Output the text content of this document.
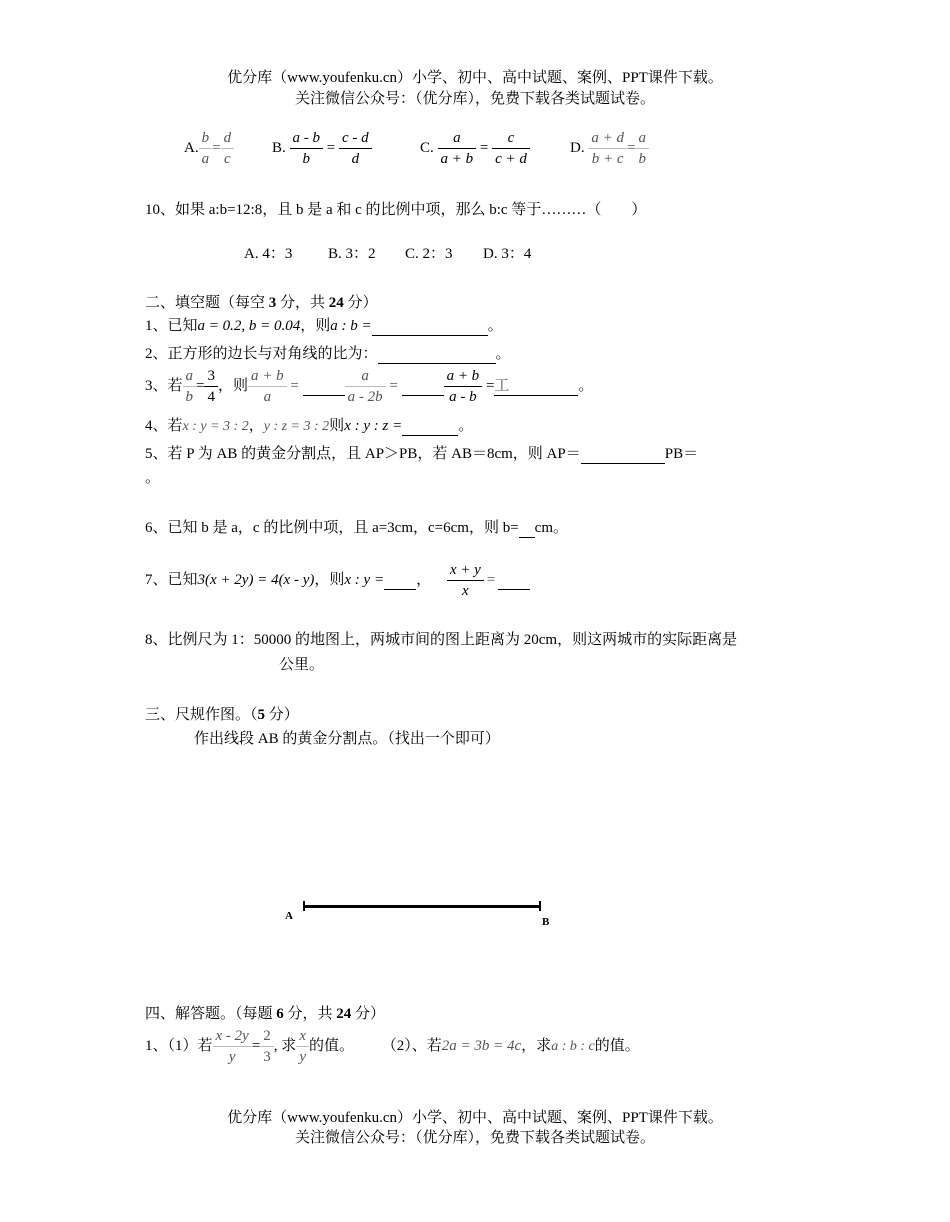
优分库（www.youfenku.cn）小学、初中、高中试题、案例、PPT课件下载。
关注微信公众号：（优分库），免费下载各类试题试卷。
A. $\frac{b}{a} = \frac{d}{c}$	B. $\frac{a - b}{b} = \frac{c - d}{d}$	C. $\frac{a}{a + b} = \frac{c}{c + d}$	D. $\frac{a + d}{b + c} = \frac{a}{b}$
10、如果 a:b=12:8，且 b 是 a 和 c 的比例中项，那么 b:c 等于………（　　）
A. 4：3 B. 3：2 C. 2：3 D. 3：4
二、填空题（每空 3 分，共 24 分）
1、已知a = 0.2, b = 0.04，则a : b =	。
2、正方形的边长与对角线的比为：	。
3、若 $\frac{a}{b} = \frac{3}{4}$ ，则 $\frac{a + b}{a}$ =	$\frac{a}{a - 2b}$ =	$\frac{a + b}{a - b}$ =工	。
4、若x : y = 3 : 2，y : z = 3 : 2则x : y : z =	。
5、若 P 为 AB 的黄金分割点，且 AP＞PB，若 AB＝8cm，则 AP＝	PB＝
。
6、已知 b 是 a，c 的比例中项，且 a=3cm，c=6cm，则 b= cm。
7、已知3(x + 2y) = 4(x - y)，则x : y = ， $\frac{x + y}{x}$ =
8、比例尺为 1：50000 的地图上，两城市间的图上距离为 20cm，则这两城市的实际距离是
公里。
三、尺规作图。（5 分）
作出线段 AB 的黄金分割点。（找出一个即可）
A	B
四、解答题。（每题 6 分，共 24 分）
1、（1）若 $\frac{x - 2y}{y} = \frac{2}{3}$ , 求 $\frac{x}{y}$ 的值。 （2）、若2a = 3b = 4c，求a : b : c的值。
优分库（www.youfenku.cn）小学、初中、高中试题、案例、PPT课件下载。
关注微信公众号：（优分库），免费下载各类试题试卷。
